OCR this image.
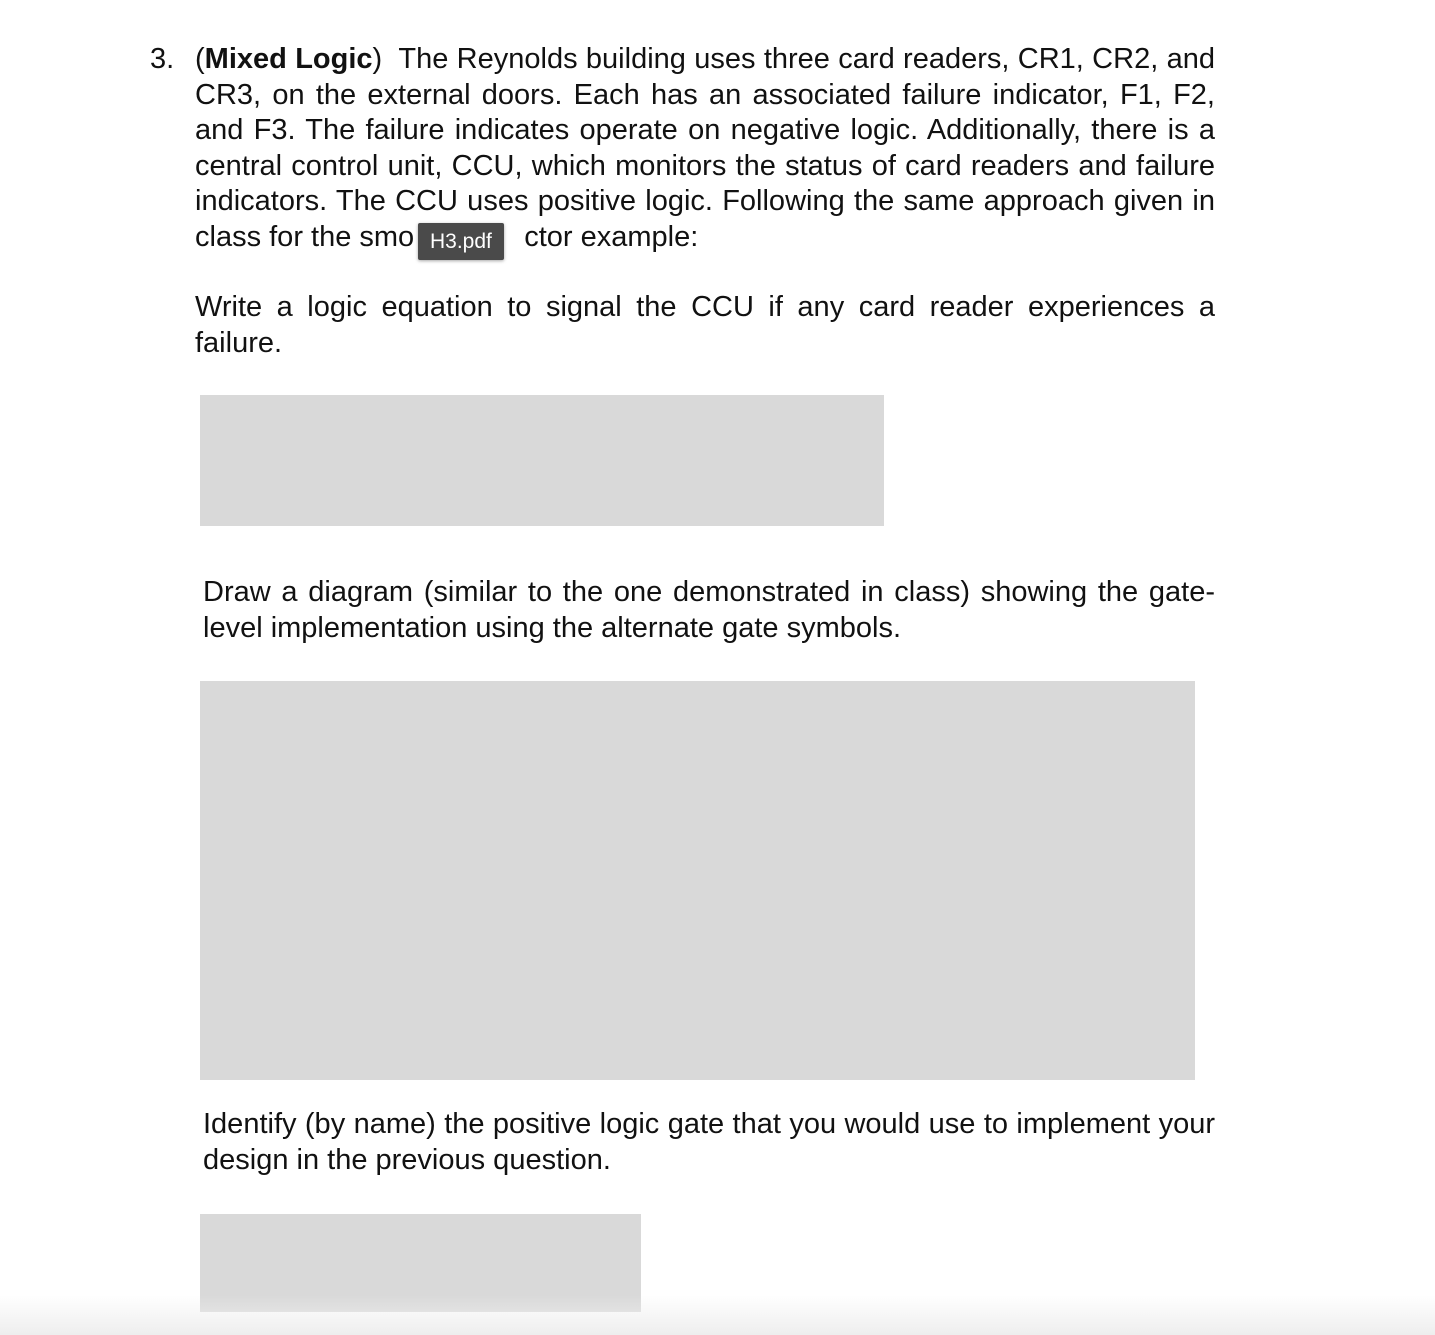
3. (Mixed Logic)  The Reynolds building uses three card readers, CR1, CR2, and CR3, on the external doors. Each has an associated failure indicator, F1, F2, and F3. The failure indicates operate on negative logic. Additionally, there is a central control unit, CCU, which monitors the status of card readers and failure indicators. The CCU uses positive logic. Following the same approach given in class for the smo	ctor example:

H3.pdf

Write a logic equation to signal the CCU if any card reader experiences a failure.

Draw a diagram (similar to the one demonstrated in class) showing the gate-level implementation using the alternate gate symbols.

Identify (by name) the positive logic gate that you would use to implement your design in the previous question.
